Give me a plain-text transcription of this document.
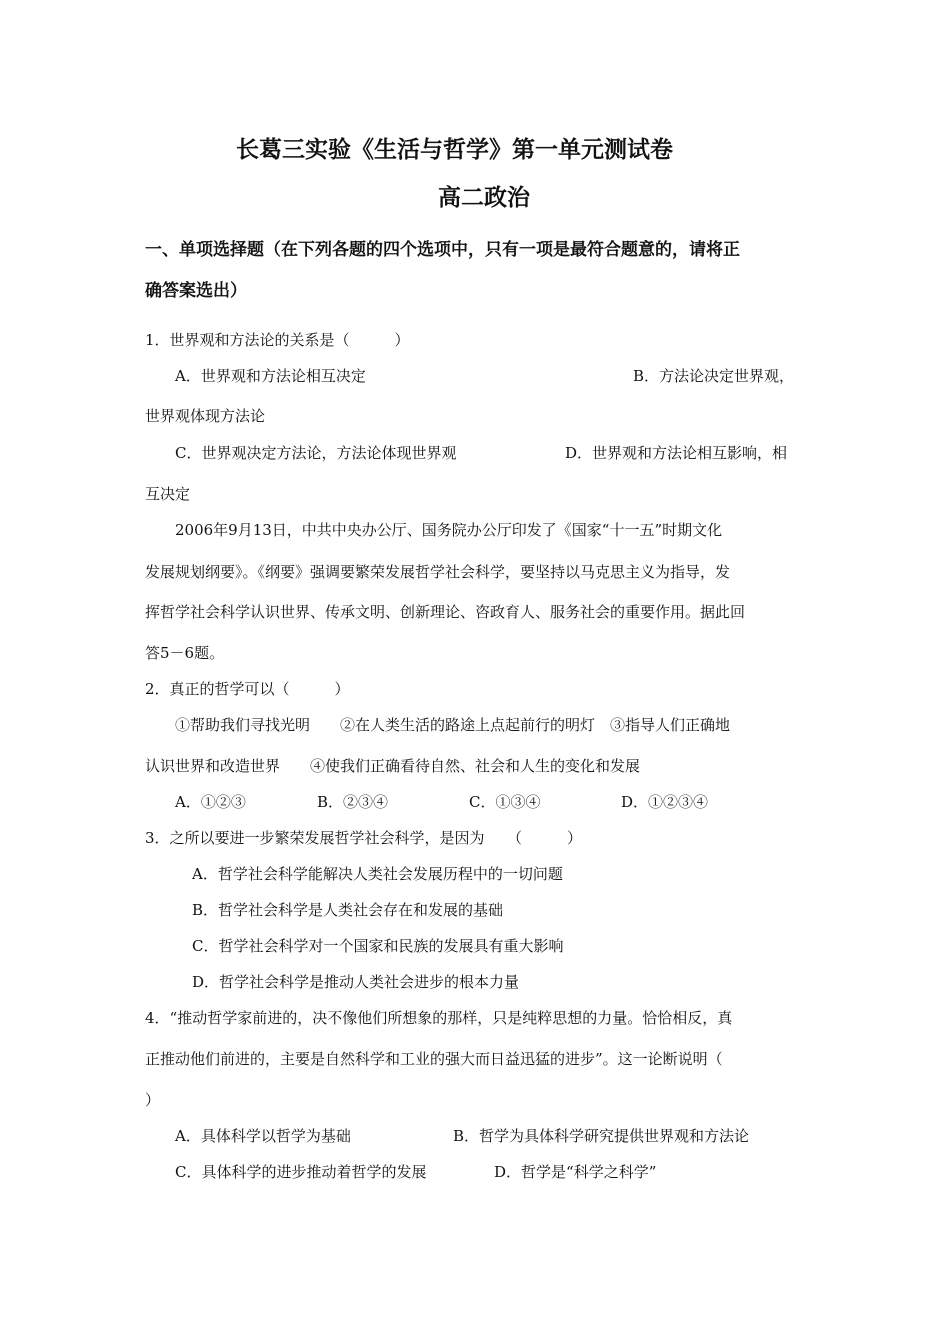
长葛三实验《生活与哲学》第一单元测试卷
高二政治
一、单项选择题（在下列各题的四个选项中，只有一项是最符合题意的，请将正
确答案选出）
1．世界观和方法论的关系是（　　　）
A．世界观和方法论相互决定	B．方法论决定世界观，
世界观体现方法论
C．世界观决定方法论，方法论体现世界观	D．世界观和方法论相互影响，相
互决定
2006年9月13日，中共中央办公厅、国务院办公厅印发了《国家“十一五”时期文化
发展规划纲要》。《纲要》强调要繁荣发展哲学社会科学，要坚持以马克思主义为指导，发
挥哲学社会科学认识世界、传承文明、创新理论、咨政育人、服务社会的重要作用。据此回
答5－6题。
2．真正的哲学可以（　　　）
①帮助我们寻找光明　　②在人类生活的路途上点起前行的明灯　③指导人们正确地
认识世界和改造世界　　④使我们正确看待自然、社会和人生的变化和发展
A．①②③	B．②③④	C．①③④	D．①②③④
3．之所以要进一步繁荣发展哲学社会科学，是因为　　（　　　）
A．哲学社会科学能解决人类社会发展历程中的一切问题
B．哲学社会科学是人类社会存在和发展的基础
C．哲学社会科学对一个国家和民族的发展具有重大影响
D．哲学社会科学是推动人类社会进步的根本力量
4．“推动哲学家前进的，决不像他们所想象的那样，只是纯粹思想的力量。恰恰相反，真
正推动他们前进的，主要是自然科学和工业的强大而日益迅猛的进步”。这一论断说明（
）
A．具体科学以哲学为基础	B．哲学为具体科学研究提供世界观和方法论
C．具体科学的进步推动着哲学的发展	D．哲学是“科学之科学”
